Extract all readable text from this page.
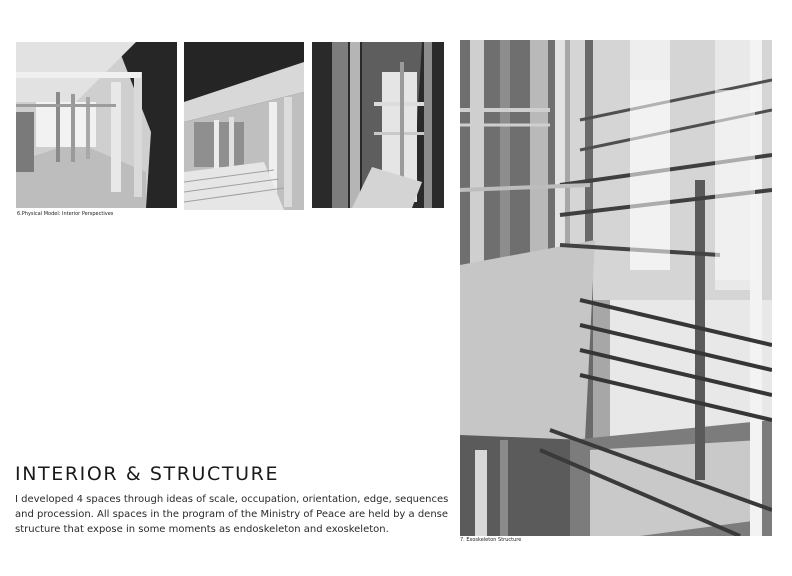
6.Physical Model: Interior Perspectives
7. Exoskeleton Structure
INTERIOR & STRUCTURE

I developed 4 spaces through ideas of scale, occupation, orientation, edge, sequences and procession. All spaces in the program of the Ministry of Peace are held by a dense structure that expose in some moments as endoskeleton and exoskeleton.
